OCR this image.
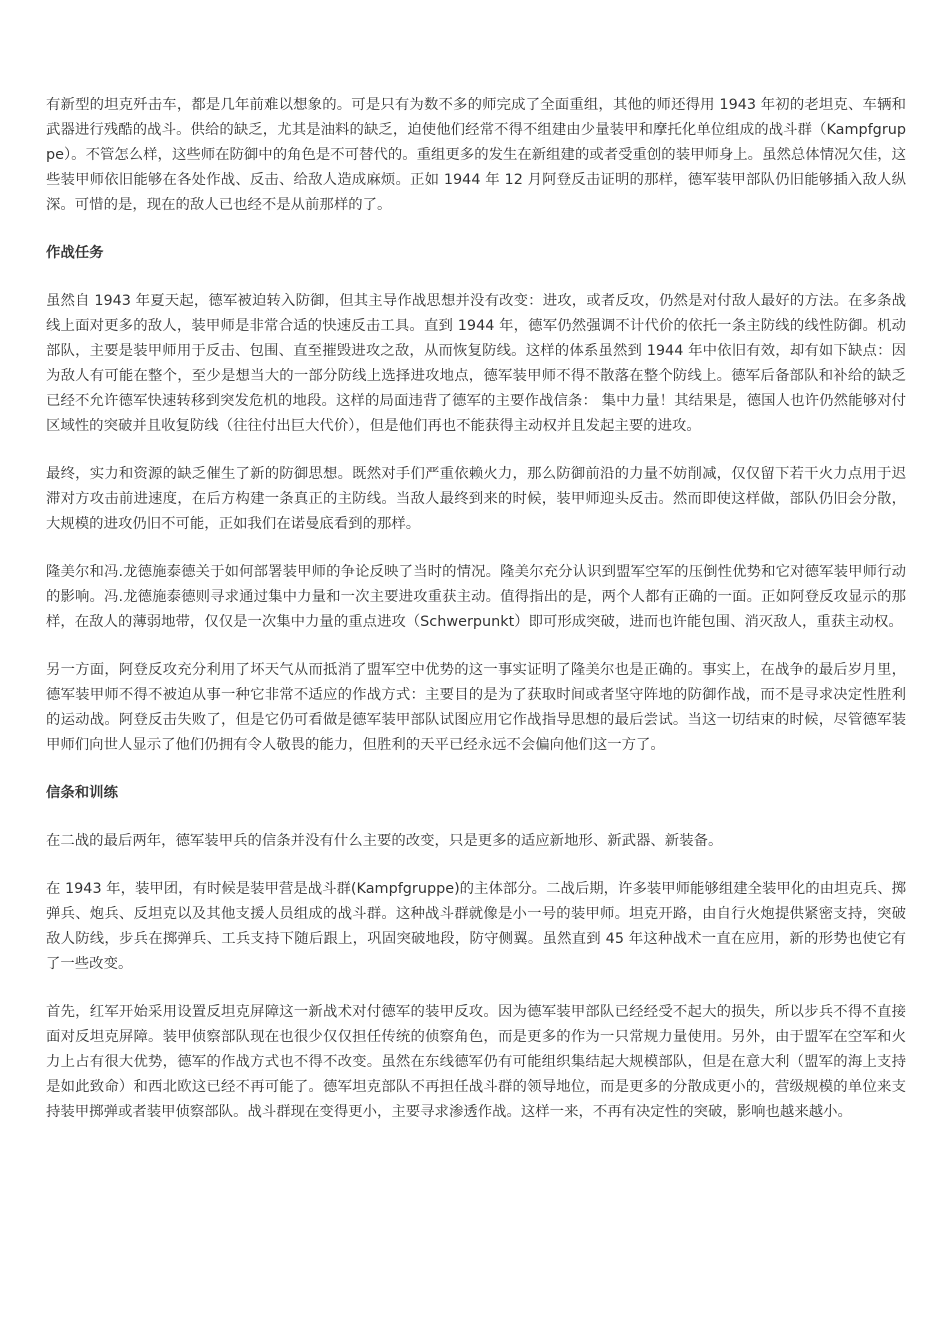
有新型的坦克歼击车，都是几年前难以想象的。可是只有为数不多的师完成了全面重组，其他的师还得用 1943 年初的老坦克、车辆和武器进行残酷的战斗。供给的缺乏，尤其是油料的缺乏，迫使他们经常不得不组建由少量装甲和摩托化单位组成的战斗群（Kampfgruppe）。不管怎么样，这些师在防御中的角色是不可替代的。重组更多的发生在新组建的或者受重创的装甲师身上。虽然总体情况欠佳，这些装甲师依旧能够在各处作战、反击、给敌人造成麻烦。正如 1944 年 12 月阿登反击证明的那样，德军装甲部队仍旧能够插入敌人纵深。可惜的是，现在的敌人已也经不是从前那样的了。

作战任务

虽然自 1943 年夏天起，德军被迫转入防御，但其主导作战思想并没有改变：进攻，或者反攻，仍然是对付敌人最好的方法。在多条战线上面对更多的敌人，装甲师是非常合适的快速反击工具。直到 1944 年，德军仍然强调不计代价的依托一条主防线的线性防御。机动部队，主要是装甲师用于反击、包围、直至摧毁进攻之敌，从而恢复防线。这样的体系虽然到 1944 年中依旧有效，却有如下缺点：因为敌人有可能在整个，至少是想当大的一部分防线上选择进攻地点，德军装甲师不得不散落在整个防线上。德军后备部队和补给的缺乏已经不允许德军快速转移到突发危机的地段。这样的局面违背了德军的主要作战信条： 集中力量！其结果是，德国人也许仍然能够对付区域性的突破并且收复防线（往往付出巨大代价），但是他们再也不能获得主动权并且发起主要的进攻。

最终，实力和资源的缺乏催生了新的防御思想。既然对手们严重依赖火力，那么防御前沿的力量不妨削减，仅仅留下若干火力点用于迟滞对方攻击前进速度，在后方构建一条真正的主防线。当敌人最终到来的时候，装甲师迎头反击。然而即使这样做，部队仍旧会分散，大规模的进攻仍旧不可能，正如我们在诺曼底看到的那样。

隆美尔和冯.龙德施泰德关于如何部署装甲师的争论反映了当时的情况。隆美尔充分认识到盟军空军的压倒性优势和它对德军装甲师行动的影响。冯.龙德施泰德则寻求通过集中力量和一次主要进攻重获主动。值得指出的是，两个人都有正确的一面。正如阿登反攻显示的那样，在敌人的薄弱地带，仅仅是一次集中力量的重点进攻（Schwerpunkt）即可形成突破，进而也许能包围、消灭敌人，重获主动权。

另一方面，阿登反攻充分利用了坏天气从而抵消了盟军空中优势的这一事实证明了隆美尔也是正确的。事实上，在战争的最后岁月里，德军装甲师不得不被迫从事一种它非常不适应的作战方式：主要目的是为了获取时间或者坚守阵地的防御作战，而不是寻求决定性胜利的运动战。阿登反击失败了，但是它仍可看做是德军装甲部队试图应用它作战指导思想的最后尝试。当这一切结束的时候，尽管德军装甲师们向世人显示了他们仍拥有令人敬畏的能力，但胜利的天平已经永远不会偏向他们这一方了。

信条和训练

在二战的最后两年，德军装甲兵的信条并没有什么主要的改变，只是更多的适应新地形、新武器、新装备。

在 1943 年，装甲团，有时候是装甲营是战斗群(Kampfgruppe)的主体部分。二战后期，许多装甲师能够组建全装甲化的由坦克兵、掷弹兵、炮兵、反坦克以及其他支援人员组成的战斗群。这种战斗群就像是小一号的装甲师。坦克开路，由自行火炮提供紧密支持，突破敌人防线，步兵在掷弹兵、工兵支持下随后跟上，巩固突破地段，防守侧翼。虽然直到 45 年这种战术一直在应用，新的形势也使它有了一些改变。

首先，红军开始采用设置反坦克屏障这一新战术对付德军的装甲反攻。因为德军装甲部队已经经受不起大的损失，所以步兵不得不直接面对反坦克屏障。装甲侦察部队现在也很少仅仅担任传统的侦察角色，而是更多的作为一只常规力量使用。另外，由于盟军在空军和火力上占有很大优势，德军的作战方式也不得不改变。虽然在东线德军仍有可能组织集结起大规模部队，但是在意大利（盟军的海上支持是如此致命）和西北欧这已经不再可能了。德军坦克部队不再担任战斗群的领导地位，而是更多的分散成更小的，营级规模的单位来支持装甲掷弹或者装甲侦察部队。战斗群现在变得更小，主要寻求渗透作战。这样一来，不再有决定性的突破，影响也越来越小。
